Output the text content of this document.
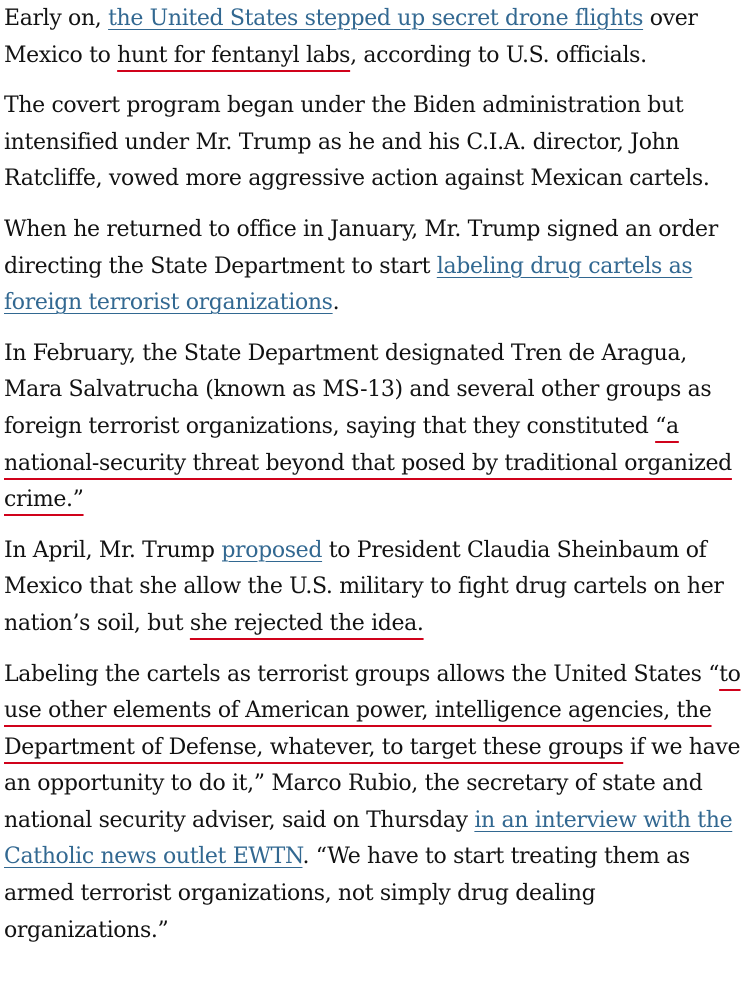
Early on, the United States stepped up secret drone flights over Mexico to hunt for fentanyl labs, according to U.S. officials.

The covert program began under the Biden administration but intensified under Mr. Trump as he and his C.I.A. director, John Ratcliffe, vowed more aggressive action against Mexican cartels.

When he returned to office in January, Mr. Trump signed an order directing the State Department to start labeling drug cartels as foreign terrorist organizations.

In February, the State Department designated Tren de Aragua, Mara Salvatrucha (known as MS-13) and several other groups as foreign terrorist organizations, saying that they constituted “a national-security threat beyond that posed by traditional organized crime.”

In April, Mr. Trump proposed to President Claudia Sheinbaum of Mexico that she allow the U.S. military to fight drug cartels on her nation’s soil, but she rejected the idea.

Labeling the cartels as terrorist groups allows the United States “to use other elements of American power, intelligence agencies, the Department of Defense, whatever, to target these groups if we have an opportunity to do it,” Marco Rubio, the secretary of state and national security adviser, said on Thursday in an interview with the Catholic news outlet EWTN. “We have to start treating them as armed terrorist organizations, not simply drug dealing organizations.”
